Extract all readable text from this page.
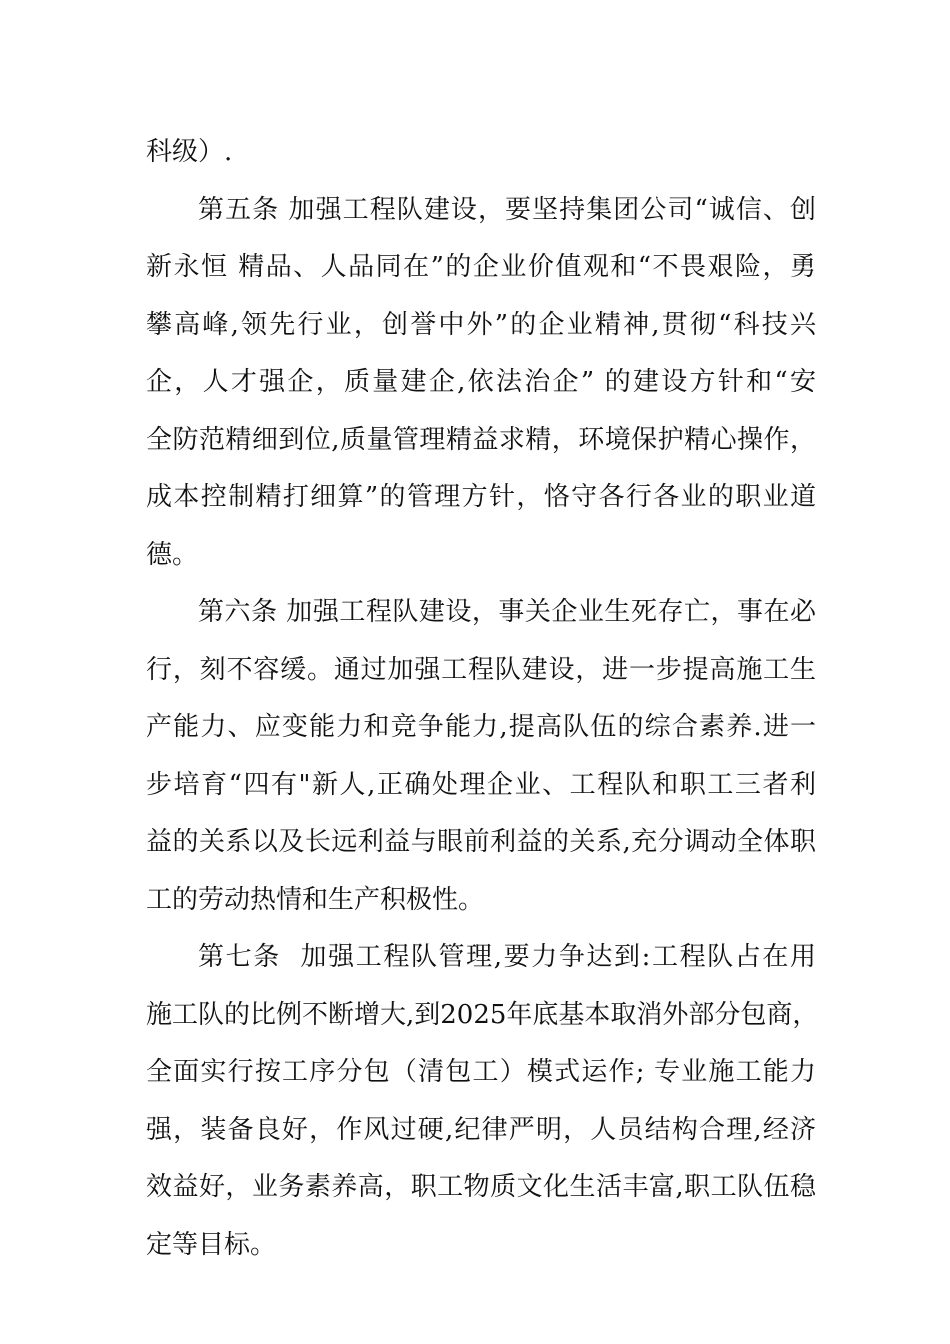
科级）.
第五条 加强工程队建设，要坚持集团公司“诚信、创
新永恒 精品、人品同在”的企业价值观和“不畏艰险，勇
攀高峰,领先行业，创誉中外”的企业精神,贯彻“科技兴
企，人才强企，质量建企,依法治企” 的建设方针和“安
全防范精细到位,质量管理精益求精，环境保护精心操作，
成本控制精打细算”的管理方针，恪守各行各业的职业道
德。
第六条 加强工程队建设，事关企业生死存亡，事在必
行，刻不容缓。通过加强工程队建设，进一步提高施工生
产能力、应变能力和竞争能力,提高队伍的综合素养.进一
步培育“四有"新人,正确处理企业、工程队和职工三者利
益的关系以及长远利益与眼前利益的关系,充分调动全体职
工的劳动热情和生产积极性。
第七条  加强工程队管理,要力争达到:工程队占在用
施工队的比例不断增大,到2025年底基本取消外部分包商，
全面实行按工序分包（清包工）模式运作; 专业施工能力
强，装备良好，作风过硬,纪律严明，人员结构合理,经济
效益好，业务素养高，职工物质文化生活丰富,职工队伍稳
定等目标。
